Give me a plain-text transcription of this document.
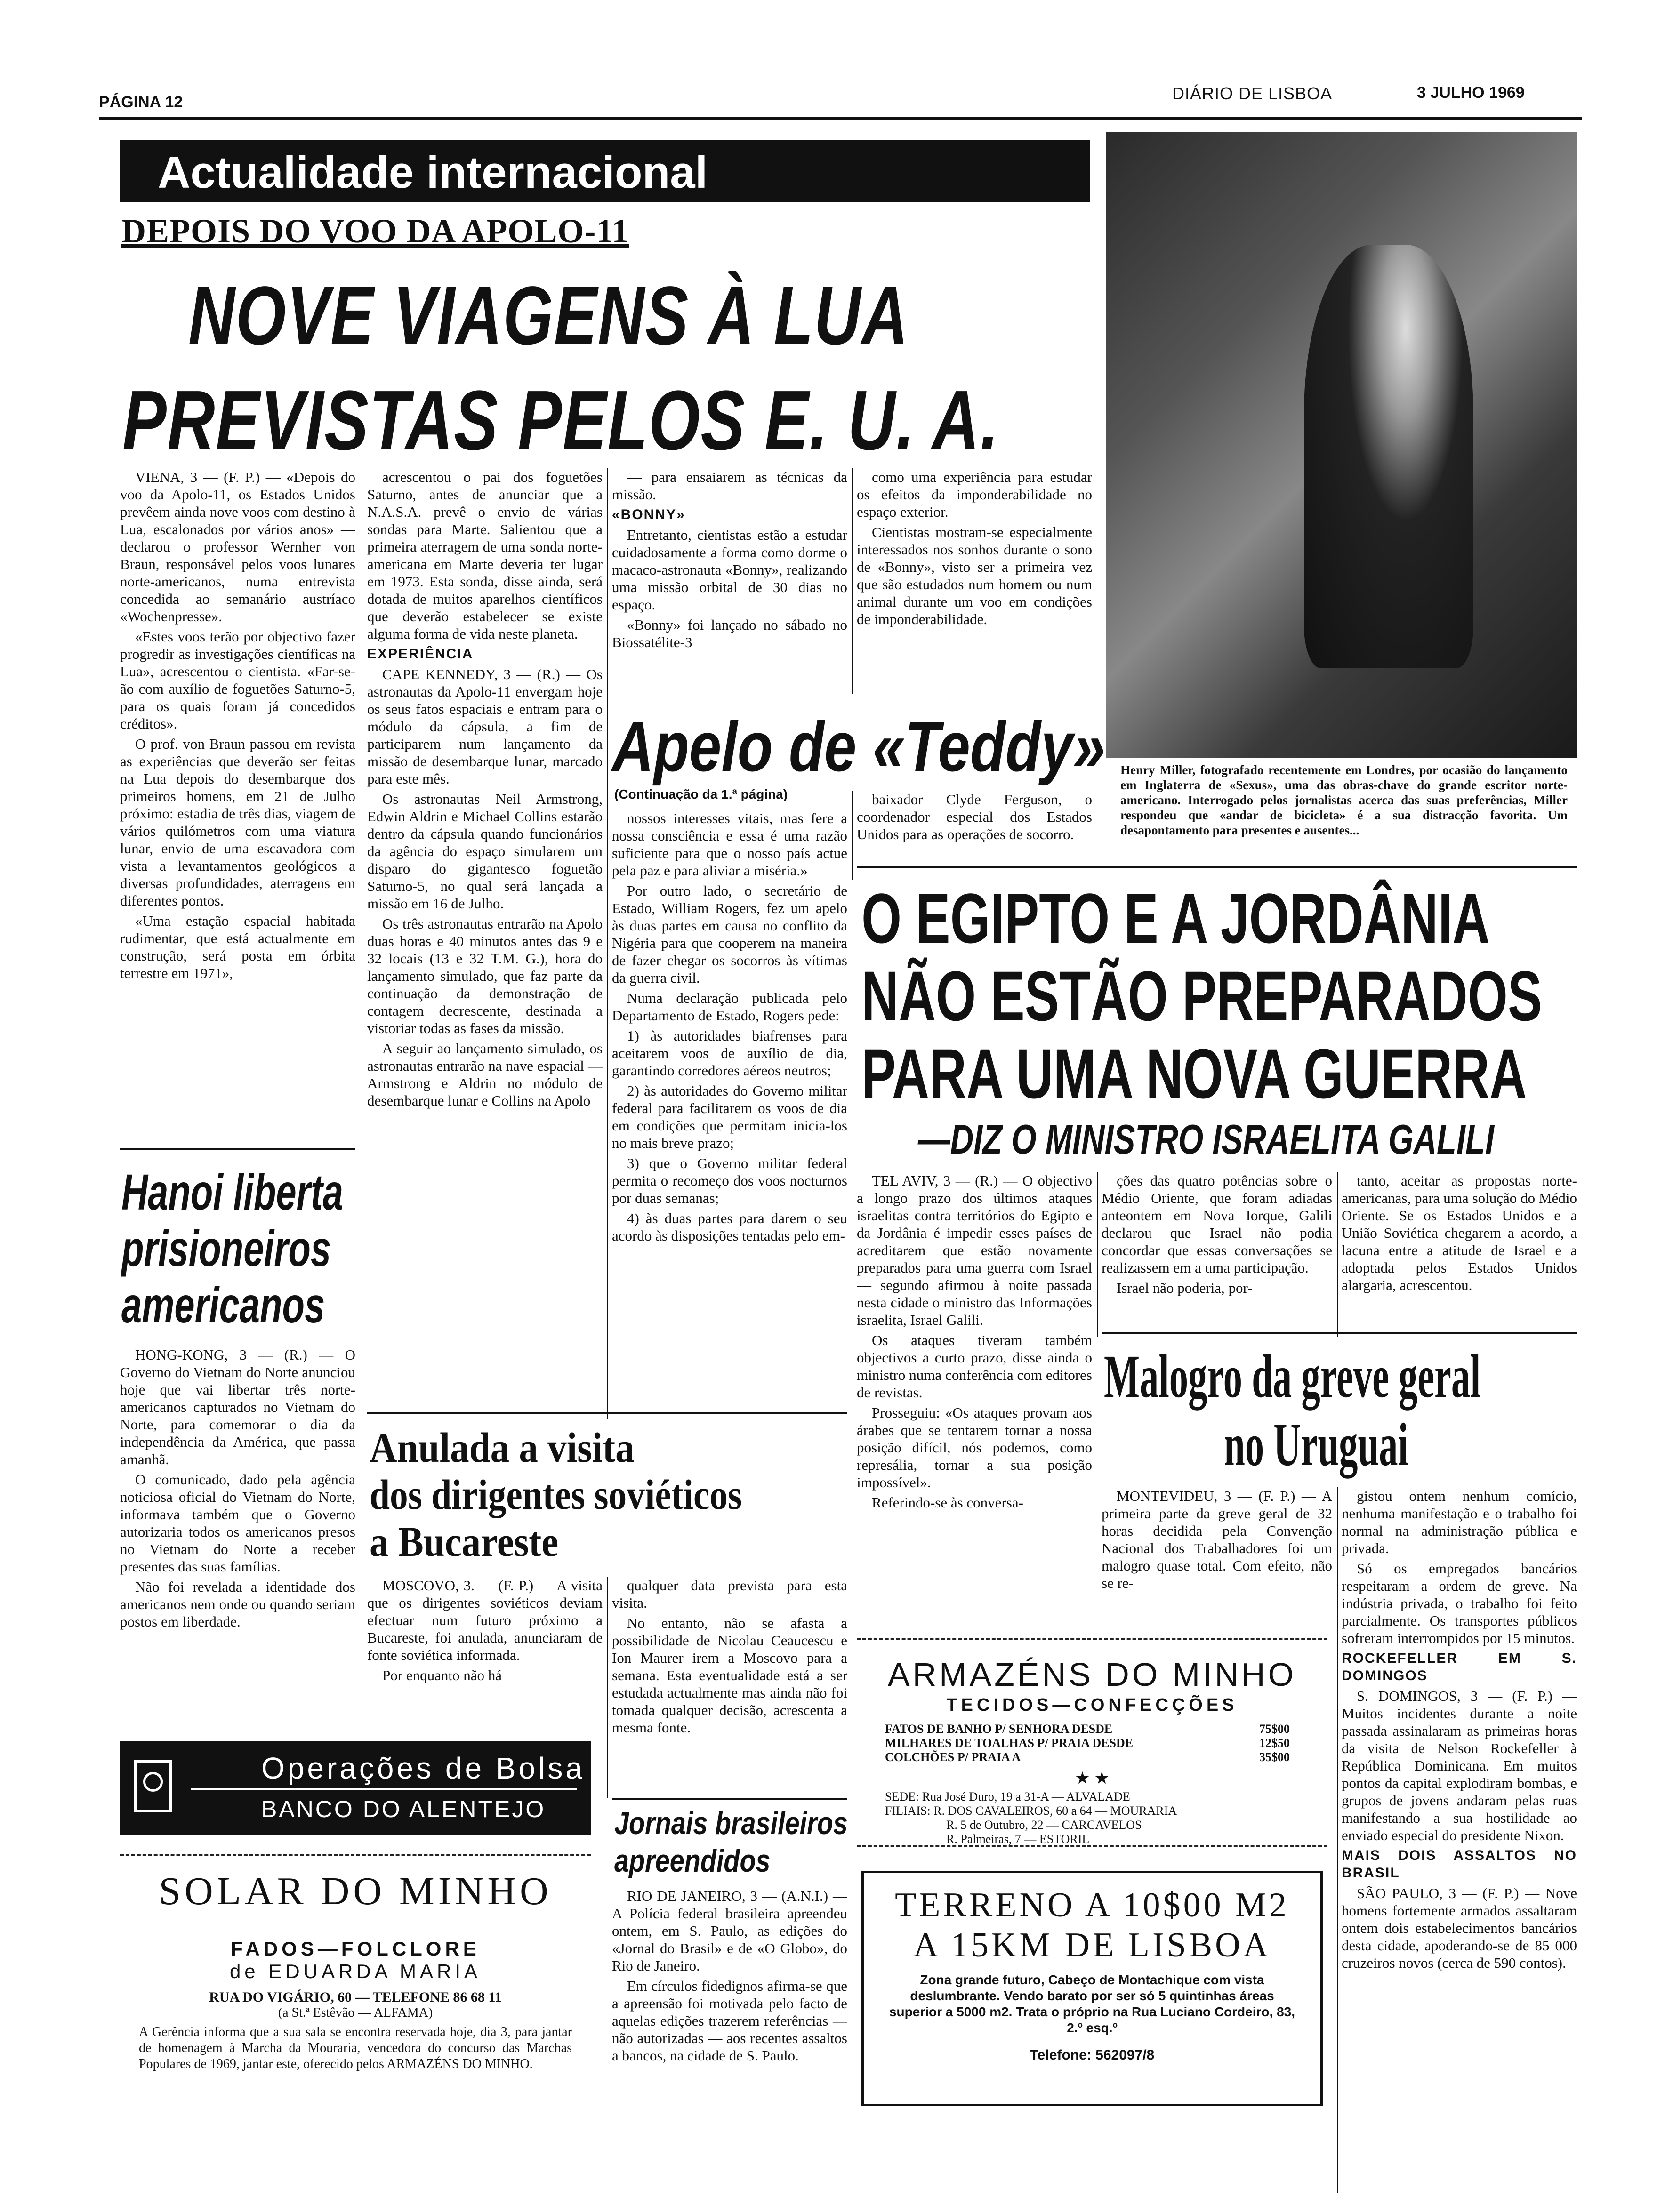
PÁGINA 12	DIÁRIO DE LISBOA	3 JULHO 1969
Actualidade internacional
DEPOIS DO VOO DA APOLO-11
NOVE VIAGENS À LUA
PREVISTAS PELOS E. U. A.

VIENA, 3 — (F. P.) — «Depois do voo da Apolo-11, os Estados Unidos prevêem ainda nove voos com destino à Lua, escalonados por vários anos» — declarou o professor Wernher von Braun, responsável pelos voos lunares norte-americanos, numa entrevista concedida ao semanário austríaco «Wochenpresse».

«Estes voos terão por objectivo fazer progredir as investigações científicas na Lua», acrescentou o cientista. «Far-se-ão com auxílio de foguetões Saturno-5, para os quais foram já concedidos créditos».

O prof. von Braun passou em revista as experiências que deverão ser feitas na Lua depois do desembarque dos primeiros homens, em 21 de Julho próximo: estadia de três dias, viagem de vários quilómetros com uma viatura lunar, envio de uma escavadora com vista a levantamentos geológicos a diversas profundidades, aterragens em diferentes pontos.

«Uma estação espacial habitada rudimentar, que está actualmente em construção, será posta em órbita terrestre em 1971»,

acrescentou o pai dos foguetões Saturno, antes de anunciar que a N.A.S.A. prevê o envio de várias sondas para Marte. Salientou que a primeira aterragem de uma sonda norte-americana em Marte deveria ter lugar em 1973. Esta sonda, disse ainda, será dotada de muitos aparelhos científicos que deverão estabelecer se existe alguma forma de vida neste planeta.

EXPERIÊNCIA

CAPE KENNEDY, 3 — (R.) — Os astronautas da Apolo-11 envergam hoje os seus fatos espaciais e entram para o módulo da cápsula, a fim de participarem num lançamento da missão de desembarque lunar, marcado para este mês.

Os astronautas Neil Armstrong, Edwin Aldrin e Michael Collins estarão dentro da cápsula quando funcionários da agência do espaço simularem um disparo do gigantesco foguetão Saturno-5, no qual será lançada a missão em 16 de Julho.

Os três astronautas entrarão na Apolo duas horas e 40 minutos antes das 9 e 32 locais (13 e 32 T.M. G.), hora do lançamento simulado, que faz parte da continuação da demonstração de contagem decrescente, destinada a vistoriar todas as fases da missão.

A seguir ao lançamento simulado, os astronautas entrarão na nave espacial — Armstrong e Aldrin no módulo de desembarque lunar e Collins na Apolo

— para ensaiarem as técnicas da missão.

«BONNY»

Entretanto, cientistas estão a estudar cuidadosamente a forma como dorme o macaco-astronauta «Bonny», realizando uma missão orbital de 30 dias no espaço.

«Bonny» foi lançado no sábado no Biossatélite-3

como uma experiência para estudar os efeitos da imponderabilidade no espaço exterior.

Cientistas mostram-se especialmente interessados nos sonhos durante o sono de «Bonny», visto ser a primeira vez que são estudados num homem ou num animal durante um voo em condições de imponderabilidade.

Henry Miller, fotografado recentemente em Londres, por ocasião do lançamento em Inglaterra de «Sexus», uma das obras-chave do grande escritor norte-americano. Interrogado pelos jornalistas acerca das suas preferências, Miller respondeu que «andar de bicicleta» é a sua distracção favorita. Um desapontamento para presentes e ausentes...
Apelo de «Teddy»
(Continuação da 1.ª página)

nossos interesses vitais, mas fere a nossa consciência e essa é uma razão suficiente para que o nosso país actue pela paz e para aliviar a miséria.»

Por outro lado, o secretário de Estado, William Rogers, fez um apelo às duas partes em causa no conflito da Nigéria para que cooperem na maneira de fazer chegar os socorros às vítimas da guerra civil.

Numa declaração publicada pelo Departamento de Estado, Rogers pede:

1) às autoridades biafrenses para aceitarem voos de auxílio de dia, garantindo corredores aéreos neutros;

2) às autoridades do Governo militar federal para facilitarem os voos de dia em condições que permitam inicia-los no mais breve prazo;

3) que o Governo militar federal permita o recomeço dos voos nocturnos por duas semanas;

4) às duas partes para darem o seu acordo às disposições tentadas pelo em-

baixador Clyde Ferguson, o coordenador especial dos Estados Unidos para as operações de socorro.

O EGIPTO E A JORDÂNIA
NÃO ESTÃO PREPARADOS
PARA UMA NOVA GUERRA
—DIZ O MINISTRO ISRAELITA GALILI

TEL AVIV, 3 — (R.) — O objectivo a longo prazo dos últimos ataques israelitas contra territórios do Egipto e da Jordânia é impedir esses países de acreditarem que estão novamente preparados para uma guerra com Israel — segundo afirmou à noite passada nesta cidade o ministro das Informações israelita, Israel Galili.

Os ataques tiveram também objectivos a curto prazo, disse ainda o ministro numa conferência com editores de revistas.

Prosseguiu: «Os ataques provam aos árabes que se tentarem tornar a nossa posição difícil, nós podemos, como represália, tornar a sua posição impossível».

Referindo-se às conversa-

ções das quatro potências sobre o Médio Oriente, que foram adiadas anteontem em Nova Iorque, Galili declarou que Israel não podia concordar que essas conversações se realizassem em a uma participação.

Israel não poderia, por-

tanto, aceitar as propostas norte-americanas, para uma solução do Médio Oriente. Se os Estados Unidos e a União Soviética chegarem a acordo, a lacuna entre a atitude de Israel e a adoptada pelos Estados Unidos alargaria, acrescentou.

Hanoi liberta
prisioneiros
americanos

HONG-KONG, 3 — (R.) — O Governo do Vietnam do Norte anunciou hoje que vai libertar três norte-americanos capturados no Vietnam do Norte, para comemorar o dia da independência da América, que passa amanhã.

O comunicado, dado pela agência noticiosa oficial do Vietnam do Norte, informava também que o Governo autorizaria todos os americanos presos no Vietnam do Norte a receber presentes das suas famílias.

Não foi revelada a identidade dos americanos nem onde ou quando seriam postos em liberdade.

Anulada a visita
dos dirigentes soviéticos
a Bucareste

MOSCOVO, 3. — (F. P.) — A visita que os dirigentes soviéticos deviam efectuar num futuro próximo a Bucareste, foi anulada, anunciaram de fonte soviética informada.

Por enquanto não há

qualquer data prevista para esta visita.

No entanto, não se afasta a possibilidade de Nicolau Ceaucescu e Ion Maurer irem a Moscovo para a semana. Esta eventualidade está a ser estudada actualmente mas ainda não foi tomada qualquer decisão, acrescenta a mesma fonte.

Jornais brasileiros
apreendidos

RIO DE JANEIRO, 3 — (A.N.I.) — A Polícia federal brasileira apreendeu ontem, em S. Paulo, as edições do «Jornal do Brasil» e de «O Globo», do Rio de Janeiro.

Em círculos fidedignos afirma-se que a apreensão foi motivada pelo facto de aquelas edições trazerem referências — não autorizadas — aos recentes assaltos a bancos, na cidade de S. Paulo.

Malogro da greve geral
no Uruguai

MONTEVIDEU, 3 — (F. P.) — A primeira parte da greve geral de 32 horas decidida pela Convenção Nacional dos Trabalhadores foi um malogro quase total. Com efeito, não se re-

gistou ontem nenhum comício, nenhuma manifestação e o trabalho foi normal na administração pública e privada.

Só os empregados bancários respeitaram a ordem de greve. Na indústria privada, o trabalho foi feito parcialmente. Os transportes públicos sofreram interrompidos por 15 minutos.

ROCKEFELLER EM S. DOMINGOS

S. DOMINGOS, 3 — (F. P.) — Muitos incidentes durante a noite passada assinalaram as primeiras horas da visita de Nelson Rockefeller à República Dominicana. Em muitos pontos da capital explodiram bombas, e grupos de jovens andaram pelas ruas manifestando a sua hostilidade ao enviado especial do presidente Nixon.

MAIS DOIS ASSALTOS NO BRASIL

SÃO PAULO, 3 — (F. P.) — Nove homens fortemente armados assaltaram ontem dois estabelecimentos bancários desta cidade, apoderando-se de 85 000 cruzeiros novos (cerca de 590 contos).

Operações de Bolsa
BANCO DO ALENTEJO
SOLAR DO MINHO
FADOS—FOLCLORE
de EDUARDA MARIA
RUA DO VIGÁRIO, 60 — TELEFONE 86 68 11
(a St.ª Estêvão — ALFAMA)
A Gerência informa que a sua sala se encontra reservada hoje, dia 3, para jantar de homenagem à Marcha da Mouraria, vencedora do concurso das Marchas Populares de 1969, jantar este, oferecido pelos ARMAZÉNS DO MINHO.
ARMAZÉNS DO MINHO
TECIDOS—CONFECÇÕES
FATOS DE BANHO P/ SENHORA DESDE	75$00
MILHARES DE TOALHAS P/ PRAIA DESDE	12$50
COLCHÕES P/ PRAIA A	35$00
★ ★
SEDE: Rua José Duro, 19 a 31-A — ALVALADE
FILIAIS: R. DOS CAVALEIROS, 60 a 64 — MOURARIA
R. 5 de Outubro, 22 — CARCAVELOS
R. Palmeiras, 7 — ESTORIL
TERRENO A 10$00 M2
A 15KM DE LISBOA
Zona grande futuro, Cabeço de Montachique com vista deslumbrante. Vendo barato por ser só 5 quintinhas áreas superior a 5000 m2. Trata o próprio na Rua Luciano Cordeiro, 83, 2.º esq.º
Telefone: 562097/8
